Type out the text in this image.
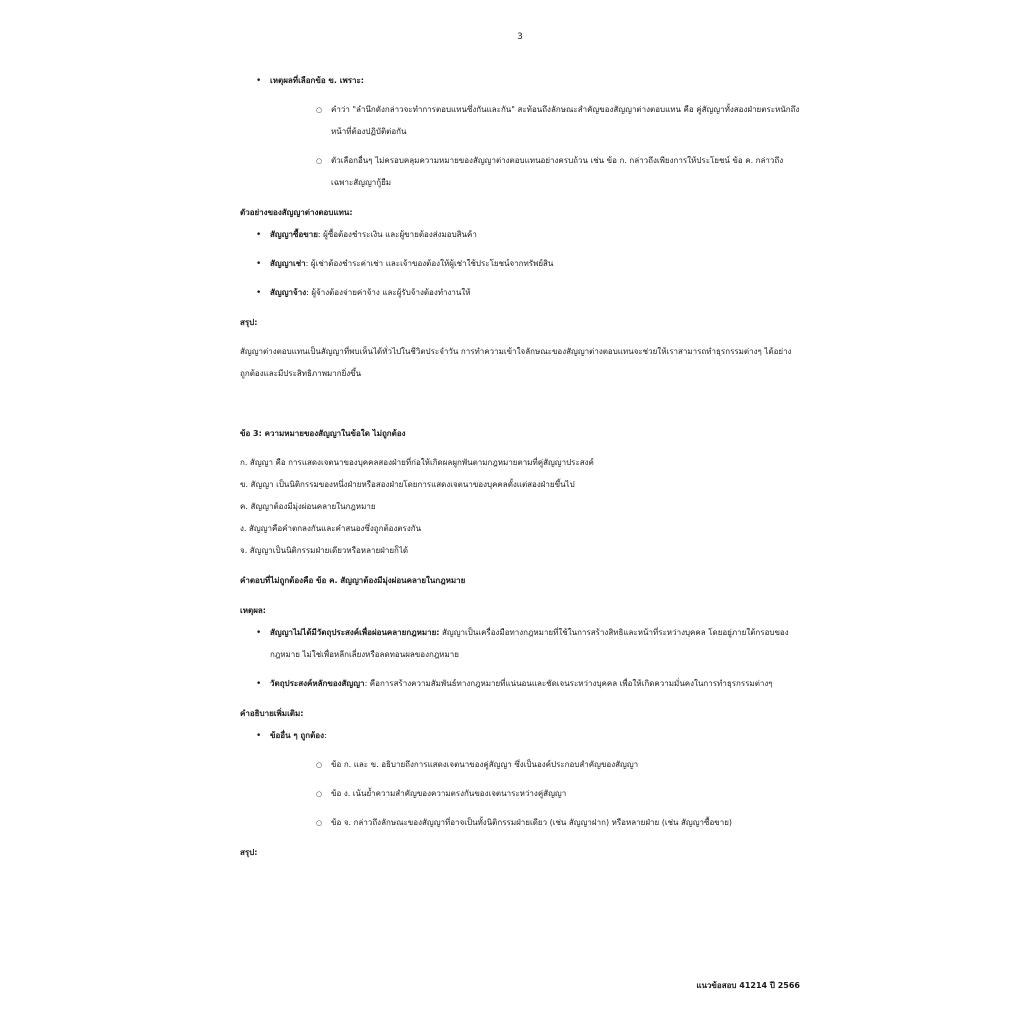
3
• เหตุผลที่เลือกข้อ ข. เพราะ:
○ คำว่า "ลำนึกดังกล่าวจะทำการตอบแทนซึ่งกันและกัน" สะท้อนถึงลักษณะสำคัญของสัญญาต่างตอบแทน คือ คู่สัญญาทั้งสองฝ่ายตระหนักถึงหน้าที่ต้องปฏิบัติต่อกัน
○ ตัวเลือกอื่นๆ ไม่ครอบคลุมความหมายของสัญญาต่างตอบแทนอย่างครบถ้วน เช่น ข้อ ก. กล่าวถึงเพียงการให้ประโยชน์ ข้อ ค. กล่าวถึงเฉพาะสัญญากู้ยืม
ตัวอย่างของสัญญาต่างตอบแทน:
• สัญญาซื้อขาย: ผู้ซื้อต้องชำระเงิน และผู้ขายต้องส่งมอบสินค้า
• สัญญาเช่า: ผู้เช่าต้องชำระค่าเช่า และเจ้าของต้องให้ผู้เช่าใช้ประโยชน์จากทรัพย์สิน
• สัญญาจ้าง: ผู้จ้างต้องจ่ายค่าจ้าง และผู้รับจ้างต้องทำงานให้
สรุป:
สัญญาต่างตอบแทนเป็นสัญญาที่พบเห็นได้ทั่วไปในชีวิตประจำวัน การทำความเข้าใจลักษณะของสัญญาต่างตอบแทนจะช่วยให้เราสามารถทำธุรกรรมต่างๆ ได้อย่างถูกต้องและมีประสิทธิภาพมากยิ่งขึ้น
ข้อ 3: ความหมายของสัญญาในข้อใด ไม่ถูกต้อง
ก. สัญญา คือ การแสดงเจตนาของบุคคลสองฝ่ายที่ก่อให้เกิดผลผูกพันตามกฎหมายตามที่คู่สัญญาประสงค์
ข. สัญญา เป็นนิติกรรมของหนึ่งฝ่ายหรือสองฝ่ายโดยการแสดงเจตนาของบุคคลตั้งแต่สองฝ่ายขึ้นไป
ค. สัญญาต้องมีมุ่งผ่อนคลายในกฎหมาย
ง. สัญญาคือคำตกลงกันและคำสนองซึ่งถูกต้องตรงกัน
จ. สัญญาเป็นนิติกรรมฝ่ายเดียวหรือหลายฝ่ายก็ได้
คำตอบที่ไม่ถูกต้องคือ ข้อ ค. สัญญาต้องมีมุ่งผ่อนคลายในกฎหมาย
เหตุผล:
• สัญญาไม่ได้มีวัตถุประสงค์เพื่อผ่อนคลายกฎหมาย: สัญญาเป็นเครื่องมือทางกฎหมายที่ใช้ในการสร้างสิทธิและหน้าที่ระหว่างบุคคล โดยอยู่ภายใต้กรอบของกฎหมาย ไม่ใช่เพื่อหลีกเลี่ยงหรือลดทอนผลของกฎหมาย
• วัตถุประสงค์หลักของสัญญา: คือการสร้างความสัมพันธ์ทางกฎหมายที่แน่นอนและชัดเจนระหว่างบุคคล เพื่อให้เกิดความมั่นคงในการทำธุรกรรมต่างๆ
คำอธิบายเพิ่มเติม:
• ข้ออื่น ๆ ถูกต้อง:
○ ข้อ ก. และ ข. อธิบายถึงการแสดงเจตนาของคู่สัญญา ซึ่งเป็นองค์ประกอบสำคัญของสัญญา
○ ข้อ ง. เน้นย้ำความสำคัญของความตรงกันของเจตนาระหว่างคู่สัญญา
○ ข้อ จ. กล่าวถึงลักษณะของสัญญาที่อาจเป็นทั้งนิติกรรมฝ่ายเดียว (เช่น สัญญาฝาก) หรือหลายฝ่าย (เช่น สัญญาซื้อขาย)
สรุป:
แนวข้อสอบ 41214 ปี 2566
